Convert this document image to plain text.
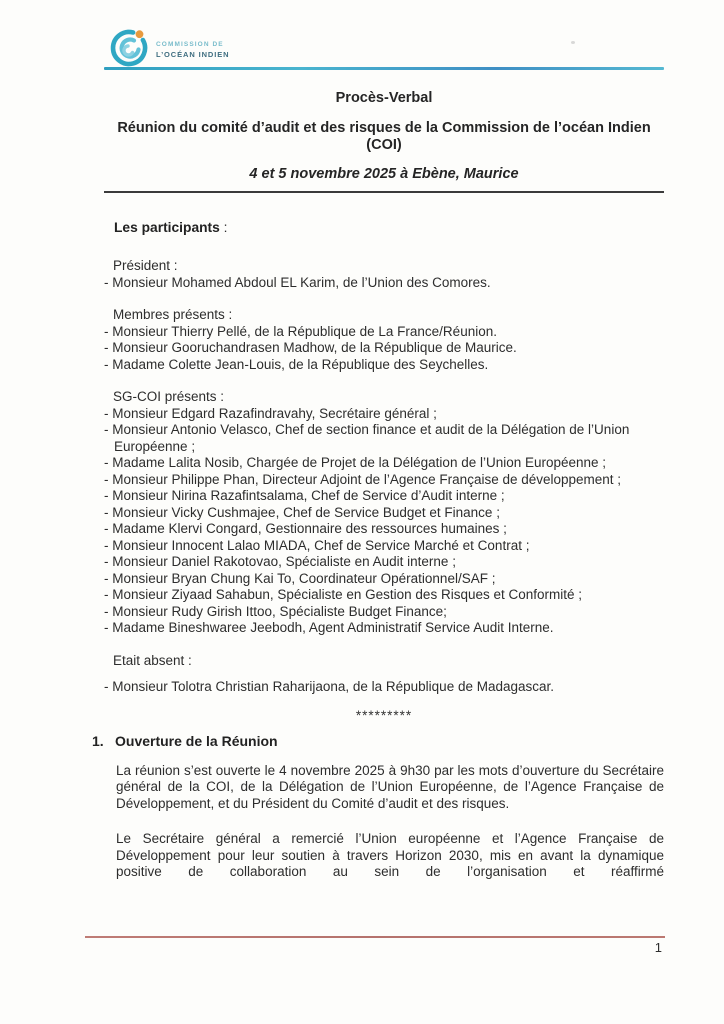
COMMISSION DE
L’OCÉAN INDIEN
Procès-Verbal
Réunion du comité d’audit et des risques de la Commission de l’océan Indien (COI)
4 et 5 novembre 2025 à Ebène, Maurice
Les participants :
Président :
- Monsieur Mohamed Abdoul EL Karim, de l’Union des Comores.
Membres présents :
- Monsieur Thierry Pellé, de la République de La France/Réunion.
- Monsieur Gooruchandrasen Madhow, de la République de Maurice.
- Madame Colette Jean-Louis, de la République des Seychelles.
SG-COI présents :
- Monsieur Edgard Razafindravahy, Secrétaire général ;
- Monsieur Antonio Velasco, Chef de section finance et audit de la Délégation de l’Union Européenne ;
- Madame Lalita Nosib, Chargée de Projet de la Délégation de l’Union Européenne ;
- Monsieur Philippe Phan, Directeur Adjoint de l’Agence Française de développement ;
- Monsieur Nirina Razafintsalama, Chef de Service d’Audit interne ;
- Monsieur Vicky Cushmajee, Chef de Service Budget et Finance ;
- Madame Klervi Congard, Gestionnaire des ressources humaines ;
- Monsieur Innocent Lalao MIADA, Chef de Service Marché et Contrat ;
- Monsieur Daniel Rakotovao, Spécialiste en Audit interne ;
- Monsieur Bryan Chung Kai To, Coordinateur Opérationnel/SAF ;
- Monsieur Ziyaad Sahabun, Spécialiste en Gestion des Risques et Conformité ;
- Monsieur Rudy Girish Ittoo, Spécialiste Budget Finance;
- Madame Bineshwaree Jeebodh, Agent Administratif Service Audit Interne.
Etait absent :
- Monsieur Tolotra Christian Raharijaona, de la République de Madagascar.
*********
1. Ouverture de la Réunion
La réunion s’est ouverte le 4 novembre 2025 à 9h30 par les mots d’ouverture du Secrétaire général de la COI, de la Délégation de l’Union Européenne, de l’Agence Française de Développement, et du Président du Comité d’audit et des risques.
Le Secrétaire général a remercié l’Union européenne et l’Agence Française de Développement pour leur soutien à travers Horizon 2030, mis en avant la dynamique positive de collaboration au sein de l’organisation et réaffirmé
1
